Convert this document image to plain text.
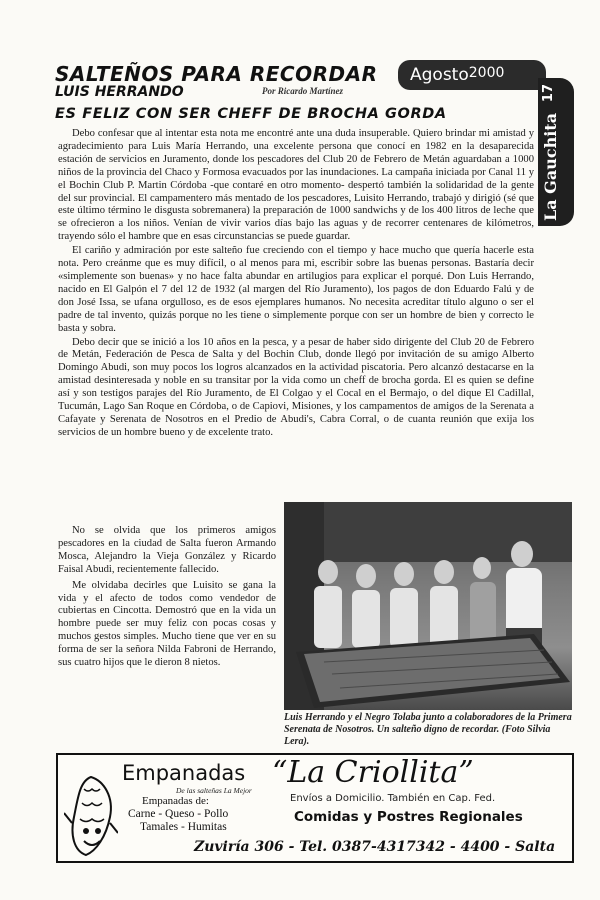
SALTEÑOS PARA RECORDAR
LUIS HERRANDO	Por Ricardo Martínez
Agosto2000
17
La Gauchita
ES FELIZ CON SER CHEFF DE BROCHA GORDA

Debo confesar que al intentar esta nota me encontré ante una duda insuperable. Quiero brindar mi amistad y agradecimiento para Luis María Herrando, una excelente persona que conocí en 1982 en la desaparecida estación de servicios en Juramento, donde los pescadores del Club 20 de Febrero de Metán aguardaban a 1000 niños de la provincia del Chaco y Formosa evacuados por las inundaciones. La campaña iniciada por Canal 11 y el Bochin Club P. Martin Córdoba -que contaré en otro momento- despertó también la solidaridad de la gente del sur provincial. El campamentero más mentado de los pescadores, Luisito Herrando, trabajó y dirigió (sé que este último término le disgusta sobremanera) la preparación de 1000 sandwichs y de los 400 litros de leche que se ofrecieron a los niños. Venían de vivir varios días bajo las aguas y de recorrer centenares de kilómetros, trayendo sólo el hambre que en esas circunstancias se puede guardar.

El cariño y admiración por este salteño fue creciendo con el tiempo y hace mucho que quería hacerle esta nota. Pero creánme que es muy difícil, o al menos para mi, escribir sobre las buenas personas. Bastaría decir «simplemente son buenas» y no hace falta abundar en artilugios para explicar el porqué. Don Luis Herrando, nacido en El Galpón el 7 del 12 de 1932 (al margen del Río Juramento), los pagos de don Eduardo Falú y de don José Issa, se ufana orgulloso, es de esos ejemplares humanos. No necesita acreditar título alguno o ser el padre de tal invento, quizás porque no les tiene o simplemente porque con ser un hombre de bien y correcto le basta y sobra.

Debo decir que se inició a los 10 años en la pesca, y a pesar de haber sido dirigente del Club 20 de Febrero de Metán, Federación de Pesca de Salta y del Bochin Club, donde llegó por invitación de su amigo Alberto Domingo Abudi, son muy pocos los logros alcanzados en la actividad piscatoria. Pero alcanzó destacarse en la amistad desinteresada y noble en su transitar por la vida como un cheff de brocha gorda. El es quien se define así y son testigos parajes del Río Juramento, de El Colgao y el Cocal en el Bermajo, o del dique El Cadillal, Tucumán, Lago San Roque en Córdoba, o de Capiovi, Misiones, y los campamentos de amigos de la Serenata a Cafayate y Serenata de Nosotros en el Predio de Abudi's, Cabra Corral, o de cuanta reunión que exija los servicios de un hombre bueno y de excelente trato.

No se olvida que los primeros amigos pescadores en la ciudad de Salta fueron Armando Mosca, Alejandro la Vieja González y Ricardo Faisal Abudi, recientemente fallecido.

Me olvidaba decirles que Luisito se gana la vida y el afecto de todos como vendedor de cubiertas en Cincotta. Demostró que en la vida un hombre puede ser muy feliz con pocas cosas y muchos gestos simples. Mucho tiene que ver en su forma de ser la señora Nilda Fabroni de Herrando, sus cuatro hijos que le dieron 8 nietos.

Luis Herrando y el Negro Tolaba junto a colaboradores de la Primera Serenata de Nosotros. Un salteño digno de recordar. (Foto Silvia Lera).
Empanadas
De las salteñas La Mejor
“La Criollita”
Envíos a Domicilio. También en Cap. Fed.
Empanadas de:
Carne - Queso - Pollo
Tamales - Humitas
Comidas y Postres Regionales
Zuviría 306 - Tel. 0387-4317342 - 4400 - Salta
